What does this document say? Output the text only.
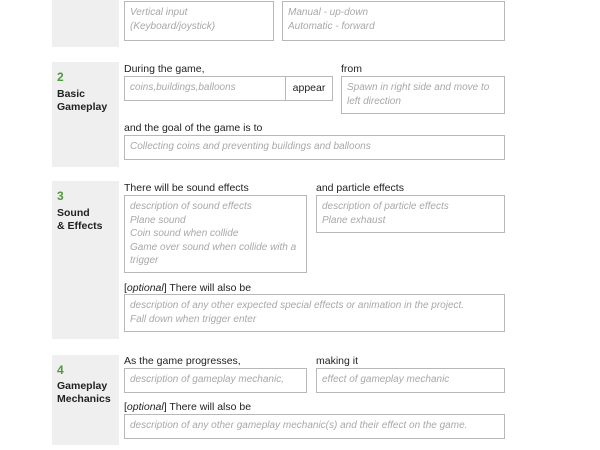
Vertical input
(Keyboard/joystick)
Manual - up-down
Automatic - forward
2
Basic
Gameplay
During the game,
coins,buildings,balloons	appear
from
Spawn in right side and move to
left direction
and the goal of the game is to
Collecting coins and preventing buildings and balloons
3
Sound
& Effects
There will be sound effects
description of sound effects
Plane sound
Coin sound when collide
Game over sound when collide with a trigger
and particle effects
description of particle effects
Plane exhaust
[optional] There will also be
description of any other expected special effects or animation in the project.
Fall down when trigger enter
4
Gameplay
Mechanics
As the game progresses,
description of gameplay mechanic,
making it
effect of gameplay mechanic
[optional] There will also be
description of any other gameplay mechanic(s) and their effect on the game.
